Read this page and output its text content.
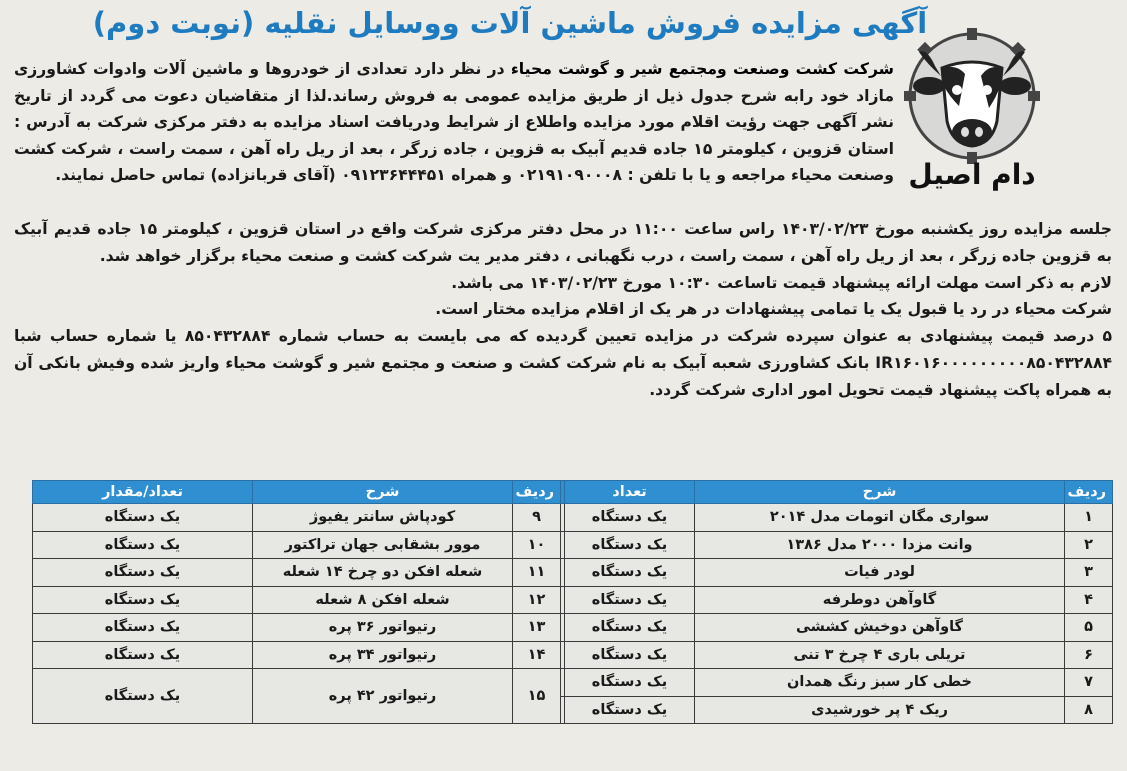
آگهی مزایده فروش ماشین آلات ووسایل نقلیه (نوبت دوم)
دام اصیل
شرکت کشت وصنعت ومجتمع شیر و گوشت محیاء در نظر دارد تعدادی از خودروها و ماشین آلات وادوات کشاورزی مازاد خود رابه شرح جدول ذیل از طریق مزایده عمومی به فروش رساند.لذا از متقاضیان دعوت می گردد از تاریخ نشر آگهی جهت رؤیت اقلام مورد مزایده واطلاع از شرایط ودریافت اسناد مزایده به دفتر مرکزی شرکت به آدرس : استان قزوین ، کیلومتر ۱۵ جاده قدیم آبیک به قزوین ، جاده زرگر ، بعد از ریل راه آهن ، سمت راست ، شرکت کشت وصنعت محیاء مراجعه و یا با تلفن : ۰۲۱۹۱۰۹۰۰۰۸ و همراه ۰۹۱۲۳۶۴۴۴۵۱ (آقای قربانزاده) تماس حاصل نمایند.

جلسه مزایده روز یکشنبه مورخ ۱۴۰۳/۰۲/۲۳ راس ساعت ۱۱:۰۰ در محل دفتر مرکزی شرکت واقع در استان قزوین ، کیلومتر ۱۵ جاده قدیم آبیک به قزوین جاده زرگر ، بعد از ریل راه آهن ، سمت راست ، درب نگهبانی ، دفتر مدیر یت شرکت کشت و صنعت محیاء برگزار خواهد شد.

لازم به ذکر است مهلت ارائه پیشنهاد قیمت تاساعت ۱۰:۳۰ مورخ ۱۴۰۳/۰۲/۲۳ می باشد.

شرکت محیاء در رد یا قبول یک یا تمامی پیشنهادات در هر یک از اقلام مزایده مختار است.

۵ درصد قیمت پیشنهادی به عنوان سپرده شرکت در مزایده تعیین گردیده که می بایست به حساب شماره ۸۵۰۴۳۲۸۸۴ یا شماره حساب شبا IR۱۶۰۱۶۰۰۰۰۰۰۰۰۰۸۵۰۴۳۲۸۸۴ بانک کشاورزی شعبه آبیک به نام شرکت کشت و صنعت و مجتمع شیر و گوشت محیاء واریز شده وفیش بانکی آن به همراه پاکت پیشنهاد قیمت تحویل امور اداری شرکت گردد.

ردیف	شرح	تعداد		ردیف	شرح	تعداد/مقدار
۱	سواری مگان اتومات مدل ۲۰۱۴	یک دستگاه		۹	کودپاش سانتر یفیوژ	یک دستگاه
۲	وانت مزدا ۲۰۰۰ مدل ۱۳۸۶	یک دستگاه		۱۰	موور بشقابی جهان تراکتور	یک دستگاه
۳	لودر فیات	یک دستگاه		۱۱	شعله افکن دو چرخ ۱۴ شعله	یک دستگاه
۴	گاوآهن دوطرفه	یک دستگاه		۱۲	شعله افکن ۸ شعله	یک دستگاه
۵	گاوآهن دوخیش کششی	یک دستگاه		۱۳	رتیواتور ۳۶ پره	یک دستگاه
۶	تریلی باری ۴ چرخ ۳ تنی	یک دستگاه		۱۴	رتیواتور ۳۴ پره	یک دستگاه
۷	خطی کار سبز رنگ همدان	یک دستگاه		۱۵	رتیواتور ۴۲ پره	یک دستگاه
۸	ریک ۴ پر خورشیدی	یک دستگاه				
